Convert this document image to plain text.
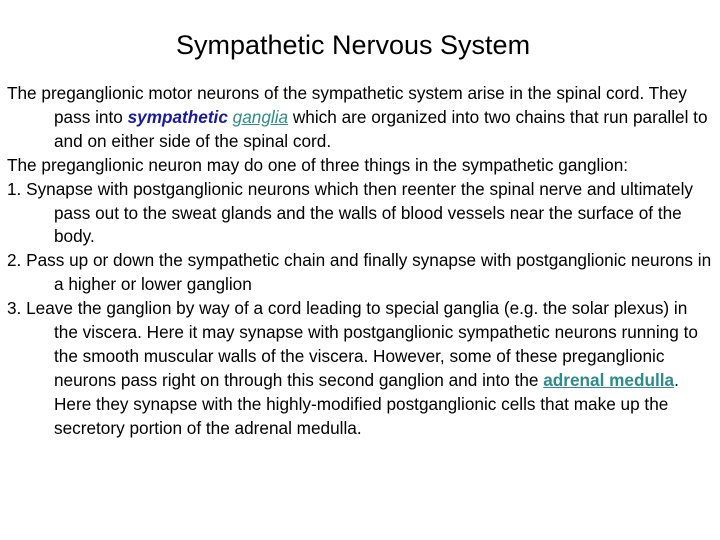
Sympathetic Nervous System

The preganglionic motor neurons of the sympathetic system arise in the spinal cord. They pass into sympathetic ganglia which are organized into two chains that run parallel to and on either side of the spinal cord.

The preganglionic neuron may do one of three things in the sympathetic ganglion:

1. Synapse with postganglionic neurons which then reenter the spinal nerve and ultimately pass out to the sweat glands and the walls of blood vessels near the surface of the body.

2. Pass up or down the sympathetic chain and finally synapse with postganglionic neurons in a higher or lower ganglion

3. Leave the ganglion by way of a cord leading to special ganglia (e.g. the solar plexus) in the viscera. Here it may synapse with postganglionic sympathetic neurons running to the smooth muscular walls of the viscera. However, some of these preganglionic neurons pass right on through this second ganglion and into the adrenal medulla. Here they synapse with the highly-modified postganglionic cells that make up the secretory portion of the adrenal medulla.
